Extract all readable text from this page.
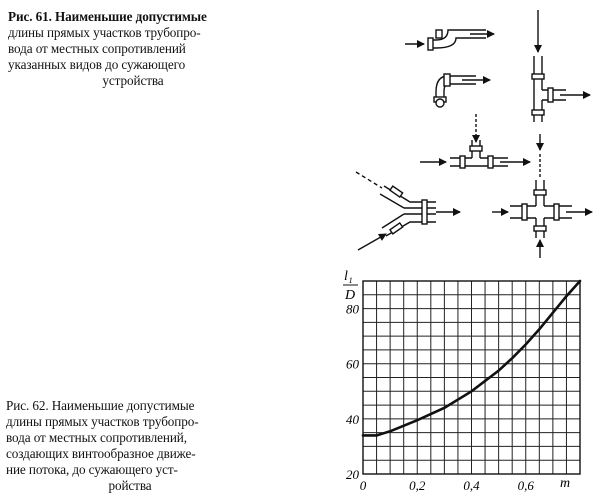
Рис. 61. Наименьшие допустимые
длины прямых участков трубопро-
вода от местных сопротивлений
указанных видов до сужающего
устройства
Рис. 62. Наименьшие допустимые
длины прямых участков трубопро-
вода от местных сопротивлений,
создающих винтообразное движе-
ние потока, до сужающего уст-
ройства	0	0,2	0,4	0,6
20
40
60
80
l₁
D
m
